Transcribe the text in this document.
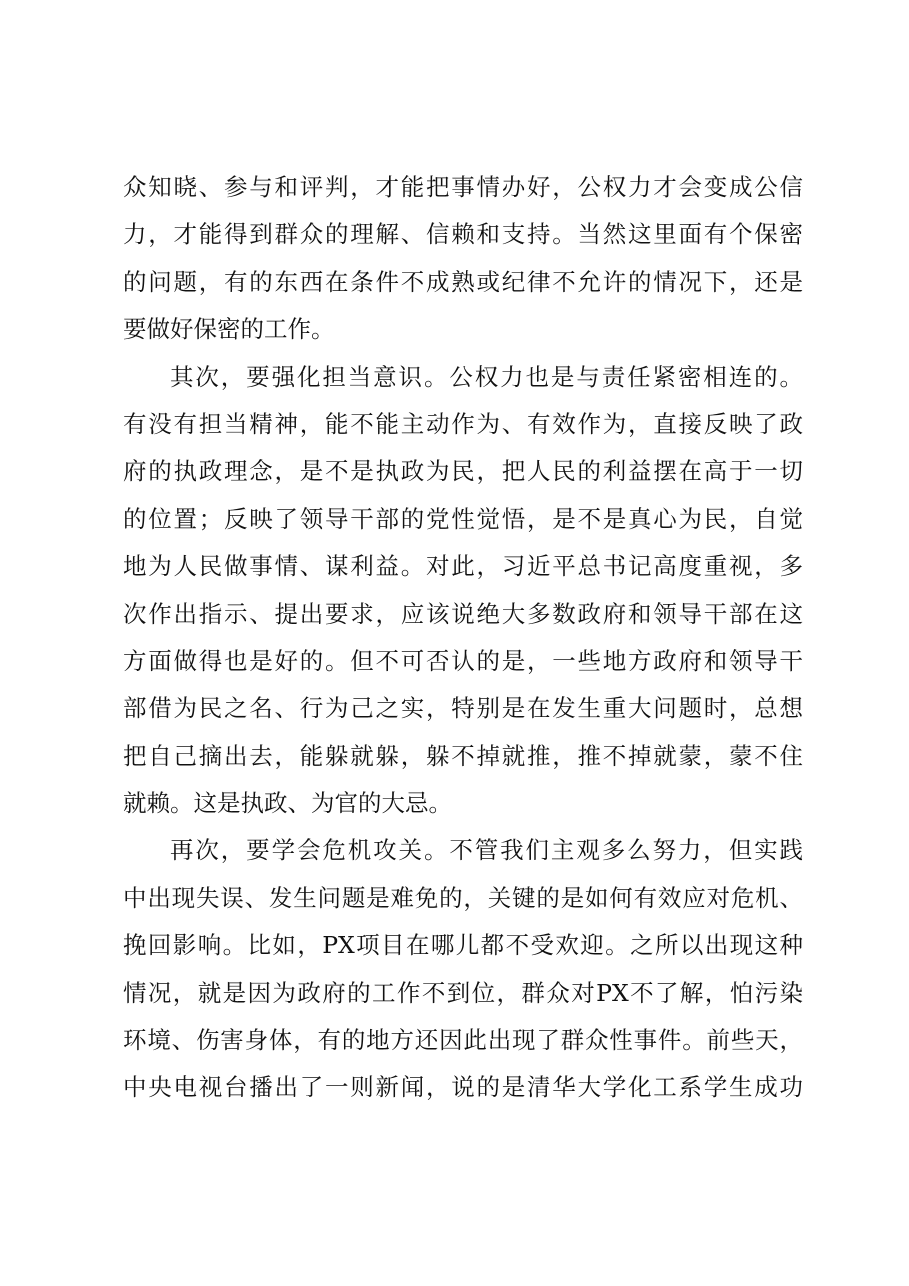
众知晓、参与和评判，才能把事情办好，公权力才会变成公信
力，才能得到群众的理解、信赖和支持。当然这里面有个保密
的问题，有的东西在条件不成熟或纪律不允许的情况下，还是
要做好保密的工作。
其次，要强化担当意识。公权力也是与责任紧密相连的。
有没有担当精神，能不能主动作为、有效作为，直接反映了政
府的执政理念，是不是执政为民，把人民的利益摆在高于一切
的位置；反映了领导干部的党性觉悟，是不是真心为民，自觉
地为人民做事情、谋利益。对此，习近平总书记高度重视，多
次作出指示、提出要求，应该说绝大多数政府和领导干部在这
方面做得也是好的。但不可否认的是，一些地方政府和领导干
部借为民之名、行为己之实，特别是在发生重大问题时，总想
把自己摘出去，能躲就躲，躲不掉就推，推不掉就蒙，蒙不住
就赖。这是执政、为官的大忌。
再次，要学会危机攻关。不管我们主观多么努力，但实践
中出现失误、发生问题是难免的，关键的是如何有效应对危机、
挽回影响。比如，PX项目在哪儿都不受欢迎。之所以出现这种
情况，就是因为政府的工作不到位，群众对PX不了解，怕污染
环境、伤害身体，有的地方还因此出现了群众性事件。前些天，
中央电视台播出了一则新闻，说的是清华大学化工系学生成功
